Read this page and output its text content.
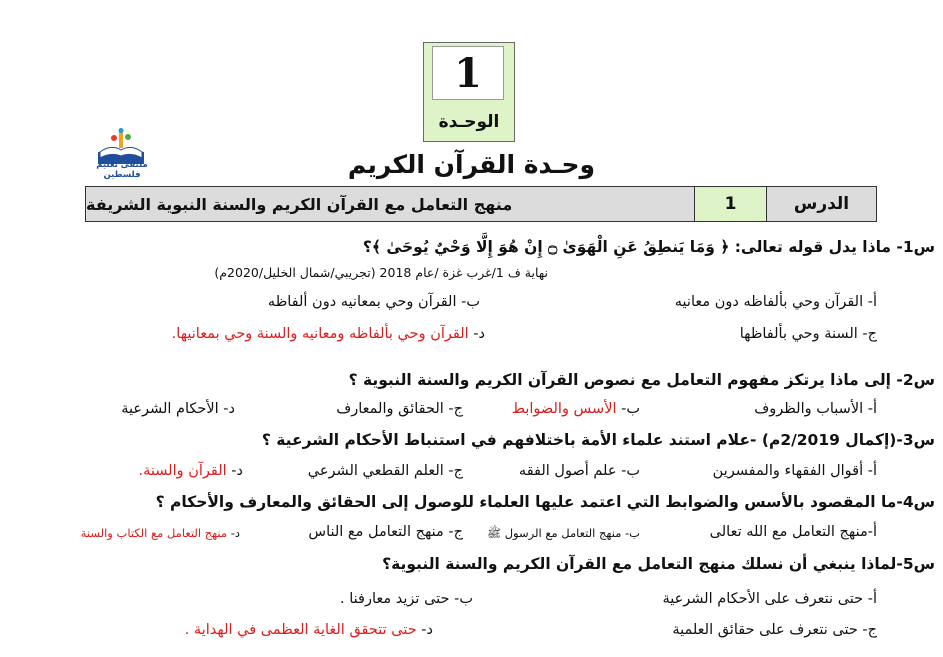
1
الوحـدة
ملتقى تعليم فلسطين	وحـدة القرآن الكريم
الدرس
1
منهج التعامل مع القرآن الكريم والسنة النبوية الشريفة
س1- ماذا يدل قوله تعالى: ﴿ وَمَا يَنطِقُ عَنِ الْهَوَىٰ ۝ إِنْ هُوَ إِلَّا وَحْيٌ يُوحَىٰ ﴾؟
نهاية ف 1/غرب غزة /عام 2018 (تجريبي/شمال الخليل/2020م)
أ- القرآن وحي بألفاظه دون معانيه
ب- القرآن وحي بمعانيه دون ألفاظه
ج- السنة وحي بألفاظها
د- القرآن وحي بألفاظه ومعانيه والسنة وحي بمعانيها.
س2- إلى ماذا يرتكز مفهوم التعامل مع نصوص القرآن الكريم والسنة النبوية ؟
أ- الأسباب والظروف
ب- الأسس والضوابط
ج- الحقائق والمعارف
د- الأحكام الشرعية
س3-(إكمال 2/2019م) -علام استند علماء الأمة باختلافهم في استنباط الأحكام الشرعية ؟
أ- أقوال الفقهاء والمفسرين
ب- علم أصول الفقه
ج- العلم القطعي الشرعي
د- القرآن والسنة.
س4-ما المقصود بالأسس والضوابط التي اعتمد عليها العلماء للوصول إلى الحقائق والمعارف والأحكام ؟
أ-منهج التعامل مع الله تعالى
ب- منهج التعامل مع الرسول ﷺ
ج- منهج التعامل مع الناس
د- منهج التعامل مع الكتاب والسنة
س5-لماذا ينبغي أن نسلك منهج التعامل مع القرآن الكريم والسنة النبوية؟
أ- حتى نتعرف على الأحكام الشرعية
ب- حتى تزيد معارفنا .
ج- حتى نتعرف على حقائق العلمية
د- حتى تتحقق الغاية العظمى في الهداية .
